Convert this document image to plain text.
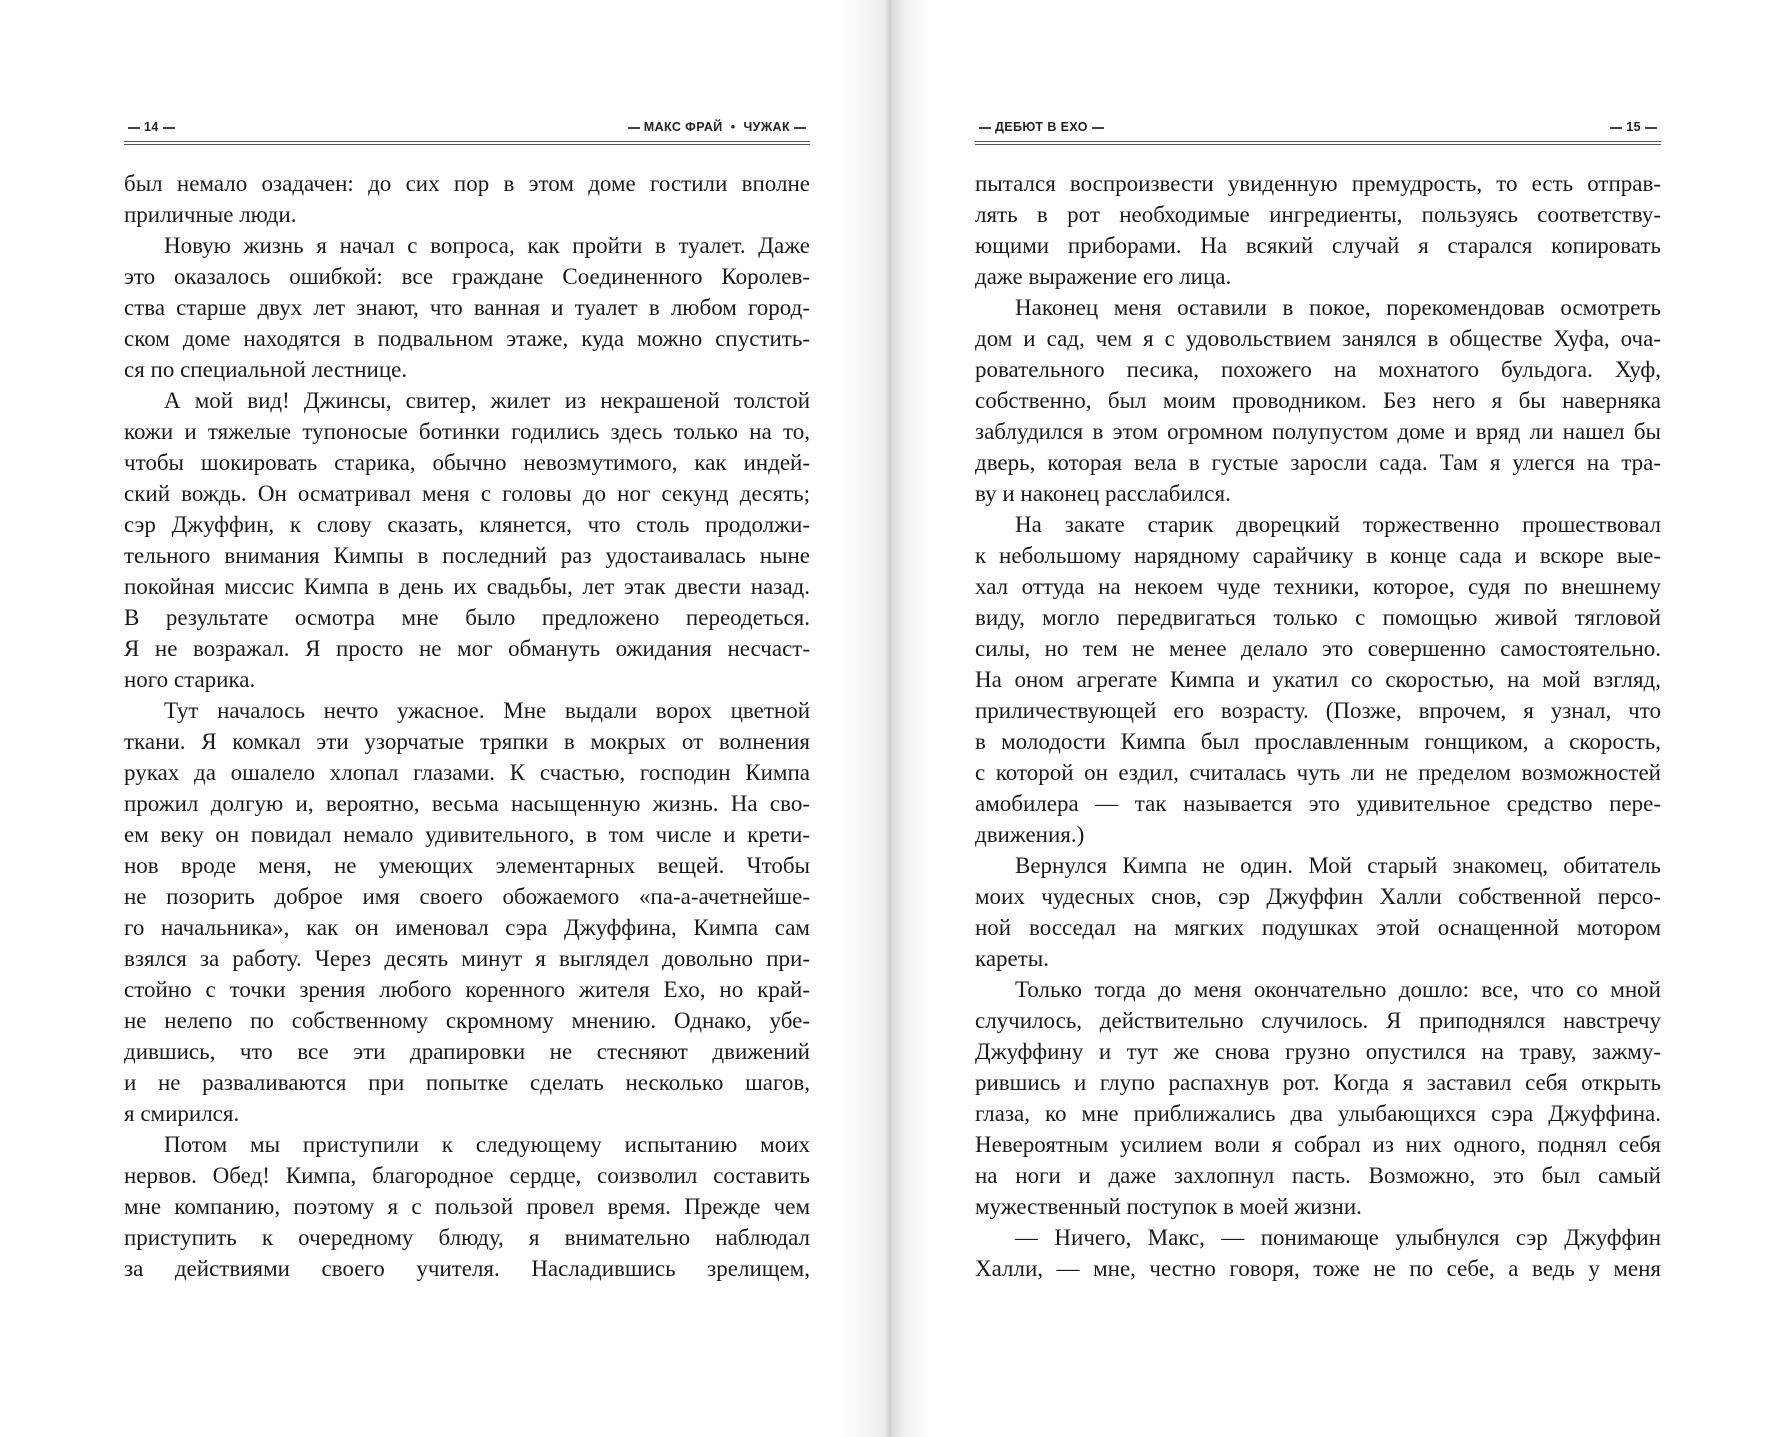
14	МАКС ФРАЙ • ЧУЖАК
был немало озадачен: до сих пор в этом доме гостили вполне
приличные люди.
Новую жизнь я начал с вопроса, как пройти в туалет. Даже
это оказалось ошибкой: все граждане Соединенного Королев-
ства старше двух лет знают, что ванная и туалет в любом город-
ском доме находятся в подвальном этаже, куда можно спустить-
ся по специальной лестнице.
А мой вид! Джинсы, свитер, жилет из некрашеной толстой
кожи и тяжелые тупоносые ботинки годились здесь только на то,
чтобы шокировать старика, обычно невозмутимого, как индей-
ский вождь. Он осматривал меня с головы до ног секунд десять;
сэр Джуффин, к слову сказать, клянется, что столь продолжи-
тельного внимания Кимпы в последний раз удостаивалась ныне
покойная миссис Кимпа в день их свадьбы, лет этак двести назад.
В результате осмотра мне было предложено переодеться.
Я не возражал. Я просто не мог обмануть ожидания несчаст-
ного старика.
Тут началось нечто ужасное. Мне выдали ворох цветной
ткани. Я комкал эти узорчатые тряпки в мокрых от волнения
руках да ошалело хлопал глазами. К счастью, господин Кимпа
прожил долгую и, вероятно, весьма насыщенную жизнь. На сво-
ем веку он повидал немало удивительного, в том числе и крети-
нов вроде меня, не умеющих элементарных вещей. Чтобы
не позорить доброе имя своего обожаемого «па-а-ачетнейше-
го начальника», как он именовал сэра Джуффина, Кимпа сам
взялся за работу. Через десять минут я выглядел довольно при-
стойно с точки зрения любого коренного жителя Ехо, но край-
не нелепо по собственному скромному мнению. Однако, убе-
дившись, что все эти драпировки не стесняют движений
и не разваливаются при попытке сделать несколько шагов,
я смирился.
Потом мы приступили к следующему испытанию моих
нервов. Обед! Кимпа, благородное сердце, соизволил составить
мне компанию, поэтому я с пользой провел время. Прежде чем
приступить к очередному блюду, я внимательно наблюдал
за действиями своего учителя. Насладившись зрелищем,
ДЕБЮТ В ЕХО	15
пытался воспроизвести увиденную премудрость, то есть отправ-
лять в рот необходимые ингредиенты, пользуясь соответству-
ющими приборами. На всякий случай я старался копировать
даже выражение его лица.
Наконец меня оставили в покое, порекомендовав осмотреть
дом и сад, чем я с удовольствием занялся в обществе Хуфа, оча-
ровательного песика, похожего на мохнатого бульдога. Хуф,
собственно, был моим проводником. Без него я бы наверняка
заблудился в этом огромном полупустом доме и вряд ли нашел бы
дверь, которая вела в густые заросли сада. Там я улегся на тра-
ву и наконец расслабился.
На закате старик дворецкий торжественно прошествовал
к небольшому нарядному сарайчику в конце сада и вскоре вые-
хал оттуда на некоем чуде техники, которое, судя по внешнему
виду, могло передвигаться только с помощью живой тягловой
силы, но тем не менее делало это совершенно самостоятельно.
На оном агрегате Кимпа и укатил со скоростью, на мой взгляд,
приличествующей его возрасту. (Позже, впрочем, я узнал, что
в молодости Кимпа был прославленным гонщиком, а скорость,
с которой он ездил, считалась чуть ли не пределом возможностей
амобилера — так называется это удивительное средство пере-
движения.)
Вернулся Кимпа не один. Мой старый знакомец, обитатель
моих чудесных снов, сэр Джуффин Халли собственной персо-
ной восседал на мягких подушках этой оснащенной мотором
кареты.
Только тогда до меня окончательно дошло: все, что со мной
случилось, действительно случилось. Я приподнялся навстречу
Джуффину и тут же снова грузно опустился на траву, зажму-
рившись и глупо распахнув рот. Когда я заставил себя открыть
глаза, ко мне приближались два улыбающихся сэра Джуффина.
Невероятным усилием воли я собрал из них одного, поднял себя
на ноги и даже захлопнул пасть. Возможно, это был самый
мужественный поступок в моей жизни.
— Ничего, Макс, — понимающе улыбнулся сэр Джуффин
Халли, — мне, честно говоря, тоже не по себе, а ведь у меня
